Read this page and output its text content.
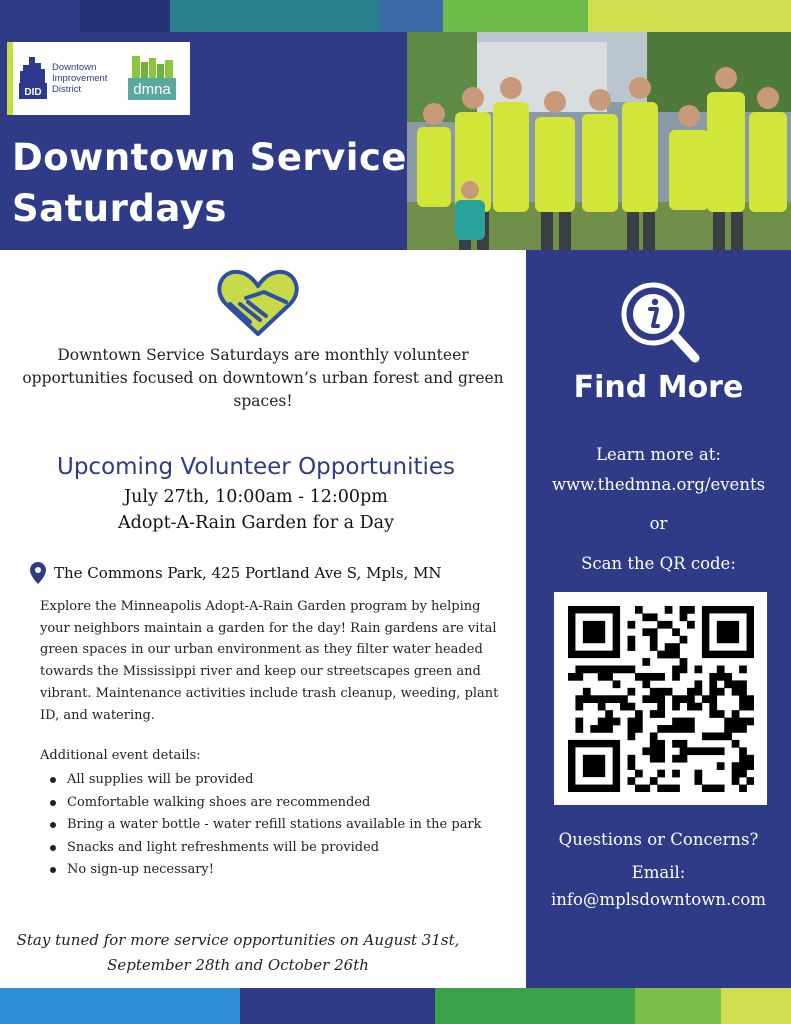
DID
Downtown Improvement District	dmna
Downtown Service
Saturdays
Downtown Service Saturdays are monthly volunteer opportunities focused on downtown’s urban forest and green spaces!
Upcoming Volunteer Opportunities
July 27th, 10:00am - 12:00pm
Adopt-A-Rain Garden for a Day
The Commons Park, 425 Portland Ave S, Mpls, MN
Explore the Minneapolis Adopt-A-Rain Garden program by helping your neighbors maintain a garden for the day! Rain gardens are vital green spaces in our urban environment as they filter water headed towards the Mississippi river and keep our streetscapes green and vibrant. Maintenance activities include trash cleanup, weeding, plant ID, and watering.
Additional event details:
All supplies will be provided
Comfortable walking shoes are recommended
Bring a water bottle - water refill stations available in the park
Snacks and light refreshments will be provided
No sign-up necessary!
Stay tuned for more service opportunities on August 31st,
September 28th and October 26th
Find More
Learn more at:
www.thedmna.org/events
or
Scan the QR code:
Questions or Concerns?
Email:
info@mplsdowntown.com
